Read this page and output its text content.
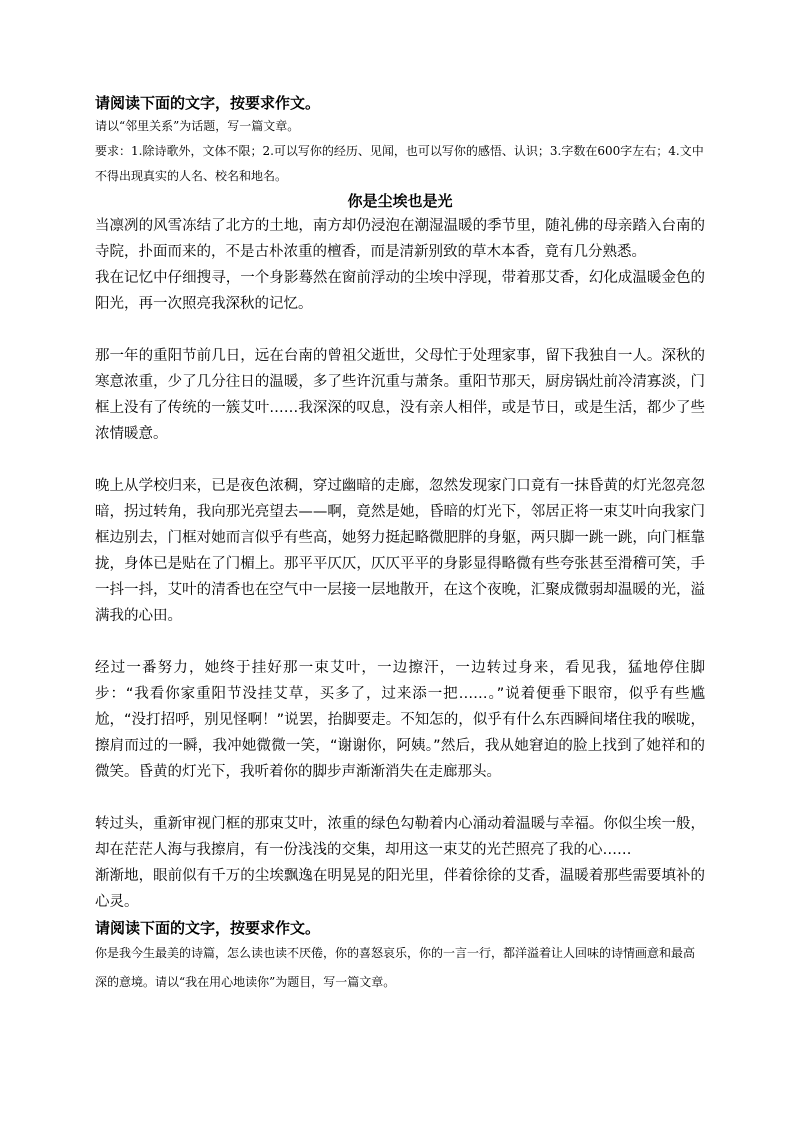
请阅读下面的文字，按要求作文。

请以“邻里关系”为话题，写一篇文章。

要求：1.除诗歌外，文体不限；2.可以写你的经历、见闻，也可以写你的感悟、认识；3.字数在600字左右；4.文中不得出现真实的人名、校名和地名。

你是尘埃也是光

当凛冽的风雪冻结了北方的土地，南方却仍浸泡在潮湿温暖的季节里，随礼佛的母亲踏入台南的寺院，扑面而来的，不是古朴浓重的檀香，而是清新别致的草木本香，竟有几分熟悉。

我在记忆中仔细搜寻，一个身影蓦然在窗前浮动的尘埃中浮现，带着那艾香，幻化成温暖金色的阳光，再一次照亮我深秋的记忆。

那一年的重阳节前几日，远在台南的曾祖父逝世，父母忙于处理家事，留下我独自一人。深秋的寒意浓重，少了几分往日的温暖，多了些许沉重与萧条。重阳节那天，厨房锅灶前冷清寡淡，门框上没有了传统的一簇艾叶……我深深的叹息，没有亲人相伴，或是节日，或是生活，都少了些浓情暖意。

晚上从学校归来，已是夜色浓稠，穿过幽暗的走廊，忽然发现家门口竟有一抹昏黄的灯光忽亮忽暗，拐过转角，我向那光亮望去——啊，竟然是她，昏暗的灯光下，邻居正将一束艾叶向我家门框边别去，门框对她而言似乎有些高，她努力挺起略微肥胖的身躯，两只脚一跳一跳，向门框靠拢，身体已是贴在了门楣上。那平平仄仄，仄仄平平的身影显得略微有些夸张甚至滑稽可笑，手一抖一抖，艾叶的清香也在空气中一层接一层地散开，在这个夜晚，汇聚成微弱却温暖的光，溢满我的心田。

经过一番努力，她终于挂好那一束艾叶，一边擦汗，一边转过身来，看见我，猛地停住脚步：“我看你家重阳节没挂艾草，买多了，过来添一把……。”说着便垂下眼帘，似乎有些尴尬，“没打招呼，别见怪啊！”说罢，抬脚要走。不知怎的，似乎有什么东西瞬间堵住我的喉咙，擦肩而过的一瞬，我冲她微微一笑，“谢谢你，阿姨。”然后，我从她窘迫的脸上找到了她祥和的微笑。昏黄的灯光下，我听着你的脚步声渐渐消失在走廊那头。

转过头，重新审视门框的那束艾叶，浓重的绿色勾勒着内心涌动着温暖与幸福。你似尘埃一般，却在茫茫人海与我擦肩，有一份浅浅的交集，却用这一束艾的光芒照亮了我的心……

渐渐地，眼前似有千万的尘埃飘逸在明晃晃的阳光里，伴着徐徐的艾香，温暖着那些需要填补的心灵。

请阅读下面的文字，按要求作文。

你是我今生最美的诗篇，怎么读也读不厌倦，你的喜怒哀乐，你的一言一行，都洋溢着让人回味的诗情画意和最高深的意境。请以“我在用心地读你”为题目，写一篇文章。
